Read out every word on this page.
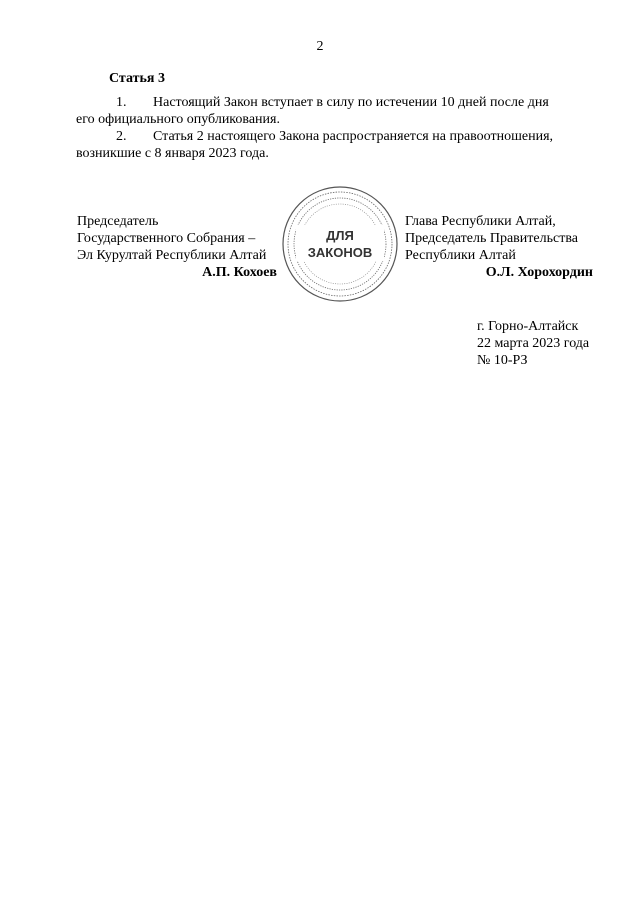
2
Статья 3
1. Настоящий Закон вступает в силу по истечении 10 дней после дня
его официального опубликования.
2. Статья 2 настоящего Закона распространяется на правоотношения,
возникшие с 8 января 2023 года.
Председатель
Государственного Собрания –
Эл Курултай Республики Алтай
А.П. Кохоев
ДЛЯ
ЗАКОНОВ
Глава Республики Алтай,
Председатель Правительства
Республики Алтай
О.Л. Хорохордин
г. Горно-Алтайск
22 марта 2023 года
№ 10-РЗ
